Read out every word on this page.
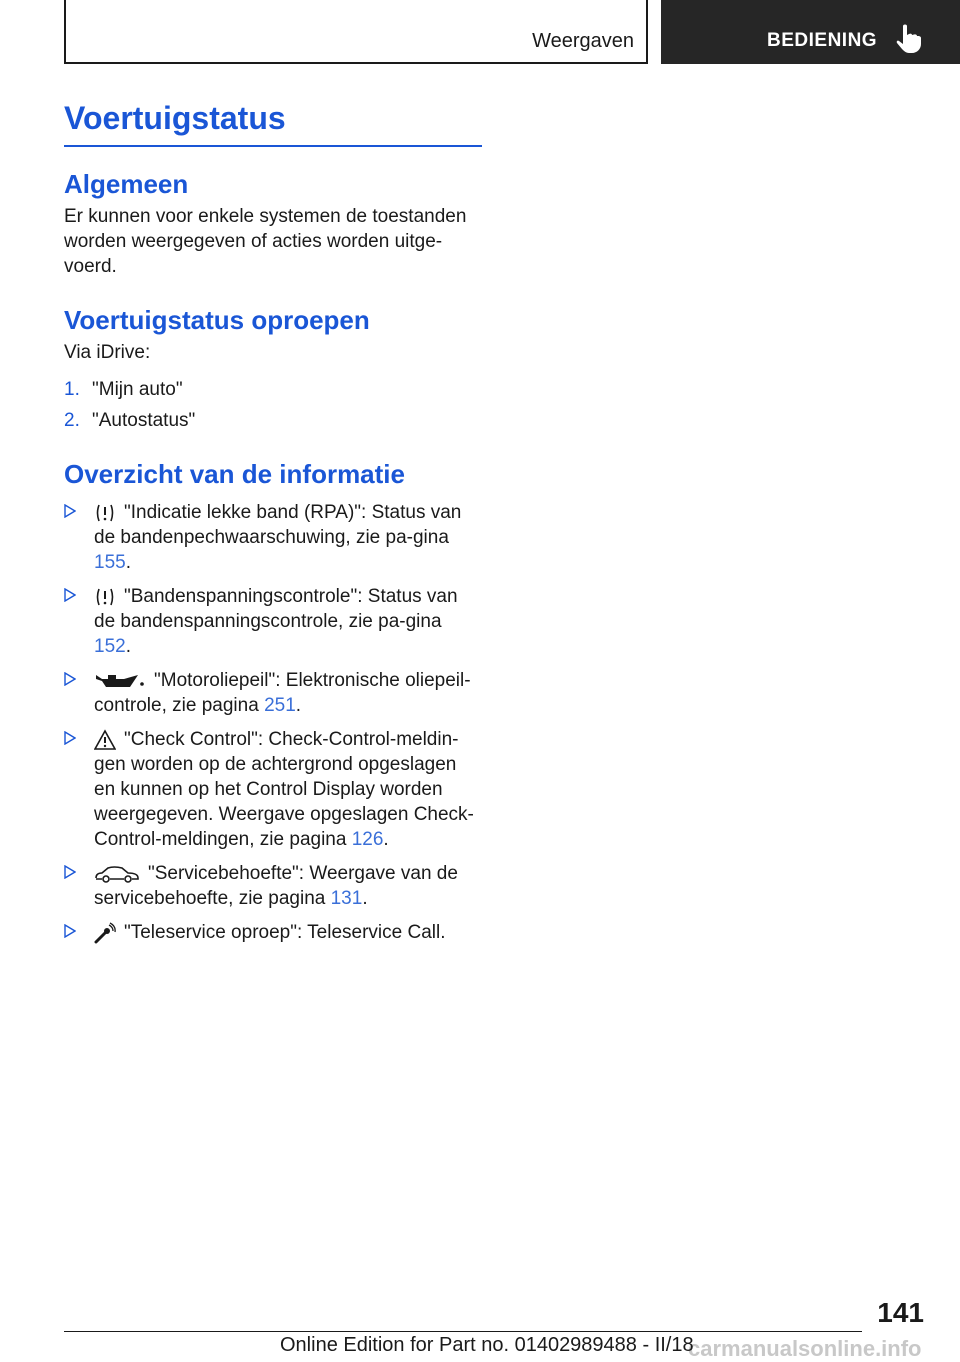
Weergaven	BEDIENING
Voertuigstatus
Algemeen

Er kunnen voor enkele systemen de toestanden worden weergegeven of acties worden uitge-voerd.

Voertuigstatus oproepen

Via iDrive:

1. "Mijn auto"
2. "Autostatus"
Overzicht van de informatie
"Indicatie lekke band (RPA)": Status van de bandenpechwaarschuwing, zie pa-gina 155.
"Bandenspanningscontrole": Status van de bandenspanningscontrole, zie pa-gina 152.
"Motoroliepeil": Elektronische oliepeil-controle, zie pagina 251.
"Check Control": Check-Control-meldin-gen worden op de achtergrond opgeslagen en kunnen op het Control Display worden weergegeven. Weergave opgeslagen Check-Control-meldingen, zie pagina 126.
"Servicebehoefte": Weergave van de servicebehoefte, zie pagina 131.
"Teleservice oproep": Teleservice Call.
141
carmanualsonline.info
Online Edition for Part no. 01402989488 - II/18
